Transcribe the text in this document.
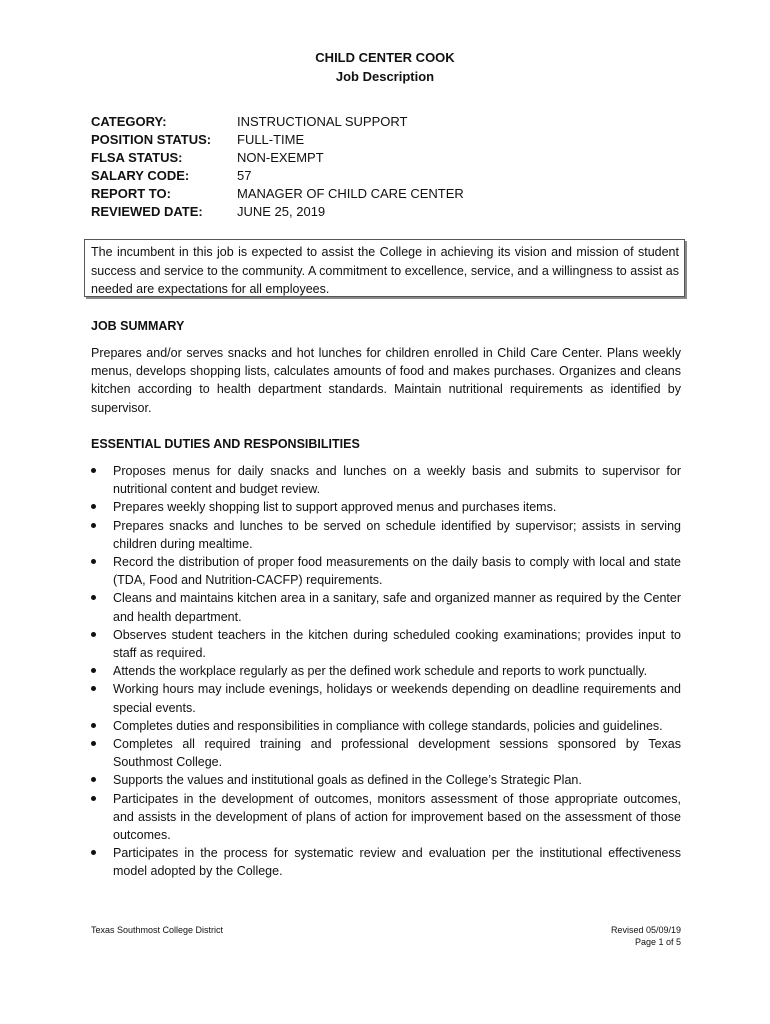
CHILD CENTER COOK
Job Description
CATEGORY:	INSTRUCTIONAL SUPPORT
POSITION STATUS: FULL-TIME
FLSA STATUS:	NON-EXEMPT
SALARY CODE:	57
REPORT TO:	MANAGER OF CHILD CARE CENTER
REVIEWED DATE:	JUNE 25, 2019
The incumbent in this job is expected to assist the College in achieving its vision and mission of student success and service to the community. A commitment to excellence, service, and a willingness to assist as needed are expectations for all employees.
JOB SUMMARY

Prepares and/or serves snacks and hot lunches for children enrolled in Child Care Center. Plans weekly menus, develops shopping lists, calculates amounts of food and makes purchases. Organizes and cleans kitchen according to health department standards. Maintain nutritional requirements as identified by supervisor.

ESSENTIAL DUTIES AND RESPONSIBILITIES
Proposes menus for daily snacks and lunches on a weekly basis and submits to supervisor for nutritional content and budget review.
Prepares weekly shopping list to support approved menus and purchases items.
Prepares snacks and lunches to be served on schedule identified by supervisor; assists in serving children during mealtime.
Record the distribution of proper food measurements on the daily basis to comply with local and state (TDA, Food and Nutrition-CACFP) requirements.
Cleans and maintains kitchen area in a sanitary, safe and organized manner as required by the Center and health department.
Observes student teachers in the kitchen during scheduled cooking examinations; provides input to staff as required.
Attends the workplace regularly as per the defined work schedule and reports to work punctually.
Working hours may include evenings, holidays or weekends depending on deadline requirements and special events.
Completes duties and responsibilities in compliance with college standards, policies and guidelines.
Completes all required training and professional development sessions sponsored by Texas Southmost College.
Supports the values and institutional goals as defined in the College’s Strategic Plan.
Participates in the development of outcomes, monitors assessment of those appropriate outcomes, and assists in the development of plans of action for improvement based on the assessment of those outcomes.
Participates in the process for systematic review and evaluation per the institutional effectiveness model adopted by the College.
Texas Southmost College District	Revised 05/09/19
Page 1 of 5
